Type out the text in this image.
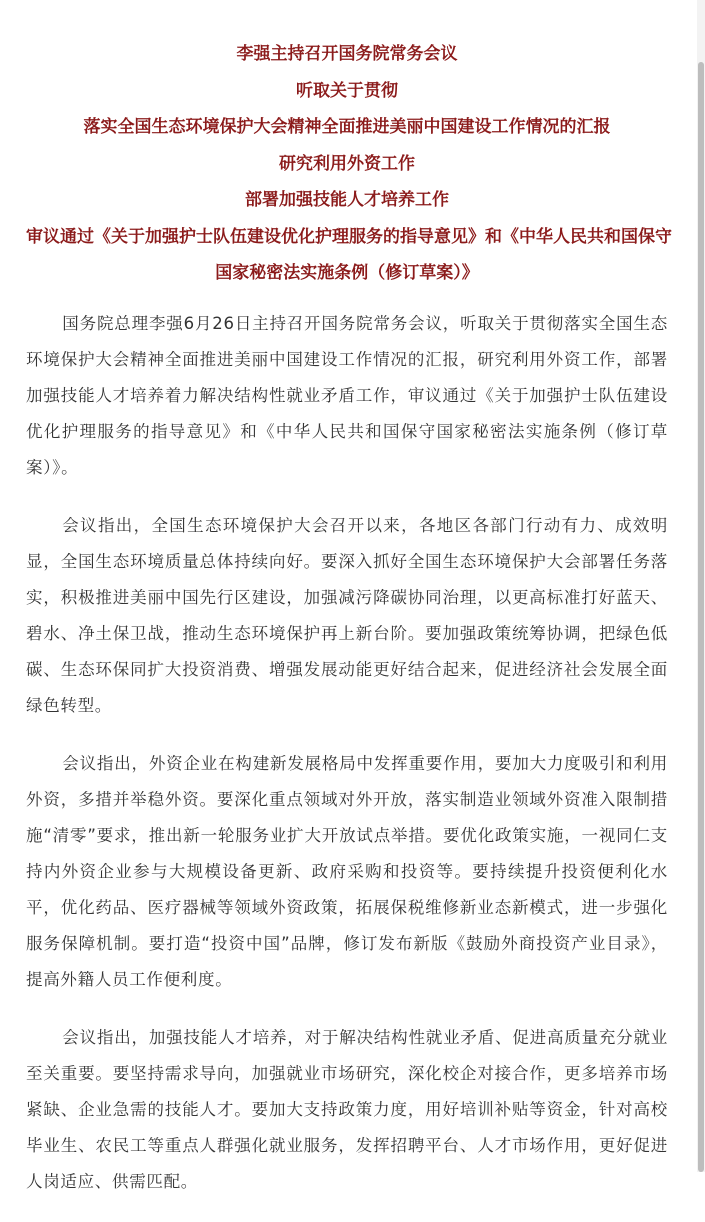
李强主持召开国务院常务会议

听取关于贯彻

落实全国生态环境保护大会精神全面推进美丽中国建设工作情况的汇报

研究利用外资工作

部署加强技能人才培养工作

审议通过《关于加强护士队伍建设优化护理服务的指导意见》和《中华人民共和国保守

国家秘密法实施条例（修订草案）》

国务院总理李强6月26日主持召开国务院常务会议，听取关于贯彻落实全国生态环境保护大会精神全面推进美丽中国建设工作情况的汇报，研究利用外资工作，部署加强技能人才培养着力解决结构性就业矛盾工作，审议通过《关于加强护士队伍建设优化护理服务的指导意见》和《中华人民共和国保守国家秘密法实施条例（修订草案）》。

会议指出，全国生态环境保护大会召开以来，各地区各部门行动有力、成效明显，全国生态环境质量总体持续向好。要深入抓好全国生态环境保护大会部署任务落实，积极推进美丽中国先行区建设，加强减污降碳协同治理，以更高标准打好蓝天、碧水、净土保卫战，推动生态环境保护再上新台阶。要加强政策统筹协调，把绿色低碳、生态环保同扩大投资消费、增强发展动能更好结合起来，促进经济社会发展全面绿色转型。

会议指出，外资企业在构建新发展格局中发挥重要作用，要加大力度吸引和利用外资，多措并举稳外资。要深化重点领域对外开放，落实制造业领域外资准入限制措施“清零”要求，推出新一轮服务业扩大开放试点举措。要优化政策实施，一视同仁支持内外资企业参与大规模设备更新、政府采购和投资等。要持续提升投资便利化水平，优化药品、医疗器械等领域外资政策，拓展保税维修新业态新模式，进一步强化服务保障机制。要打造“投资中国”品牌，修订发布新版《鼓励外商投资产业目录》，提高外籍人员工作便利度。

会议指出，加强技能人才培养，对于解决结构性就业矛盾、促进高质量充分就业至关重要。要坚持需求导向，加强就业市场研究，深化校企对接合作，更多培养市场紧缺、企业急需的技能人才。要加大支持政策力度，用好培训补贴等资金，针对高校毕业生、农民工等重点人群强化就业服务，发挥招聘平台、人才市场作用，更好促进人岗适应、供需匹配。
